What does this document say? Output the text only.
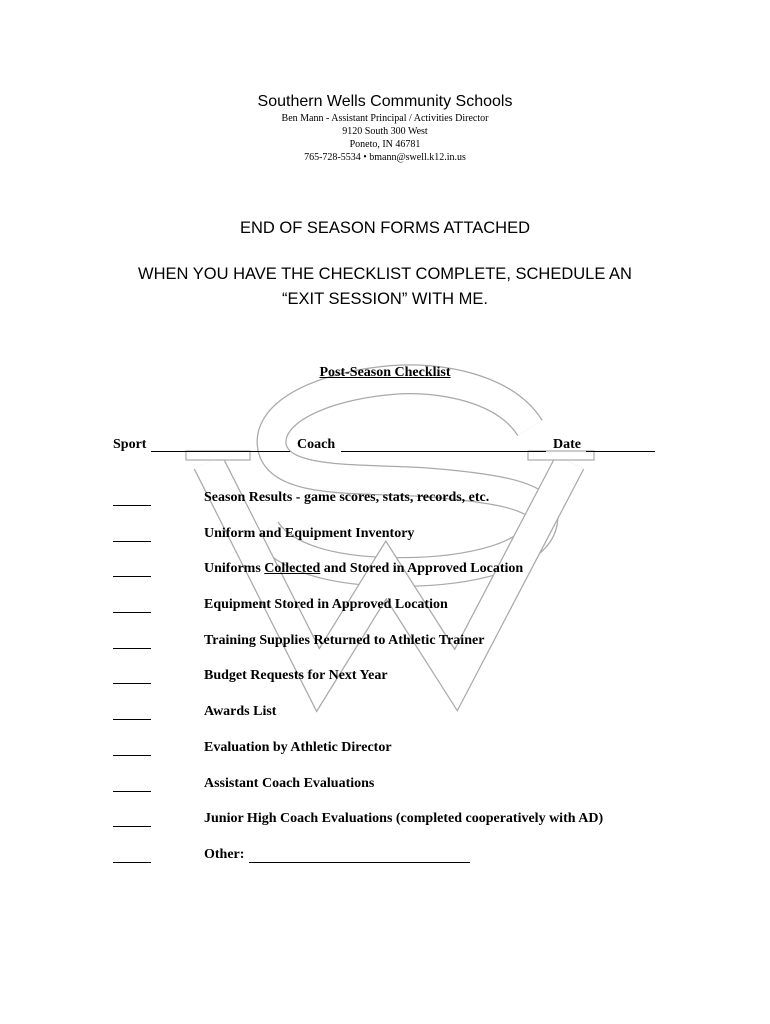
Southern Wells Community Schools
Ben Mann - Assistant Principal / Activities Director
9120 South 300 West
Poneto, IN 46781
765-728-5534 • bmann@swell.k12.in.us
END OF SEASON FORMS ATTACHED
WHEN YOU HAVE THE CHECKLIST COMPLETE, SCHEDULE AN
“EXIT SESSION” WITH ME.
Post-Season Checklist
Sport	Coach	Date
Season Results - game scores, stats, records, etc.
Uniform and Equipment Inventory
Uniforms Collected and Stored in Approved Location
Equipment Stored in Approved Location
Training Supplies Returned to Athletic Trainer
Budget Requests for Next Year
Awards List
Evaluation by Athletic Director
Assistant Coach Evaluations
Junior High Coach Evaluations (completed cooperatively with AD)
Other:
